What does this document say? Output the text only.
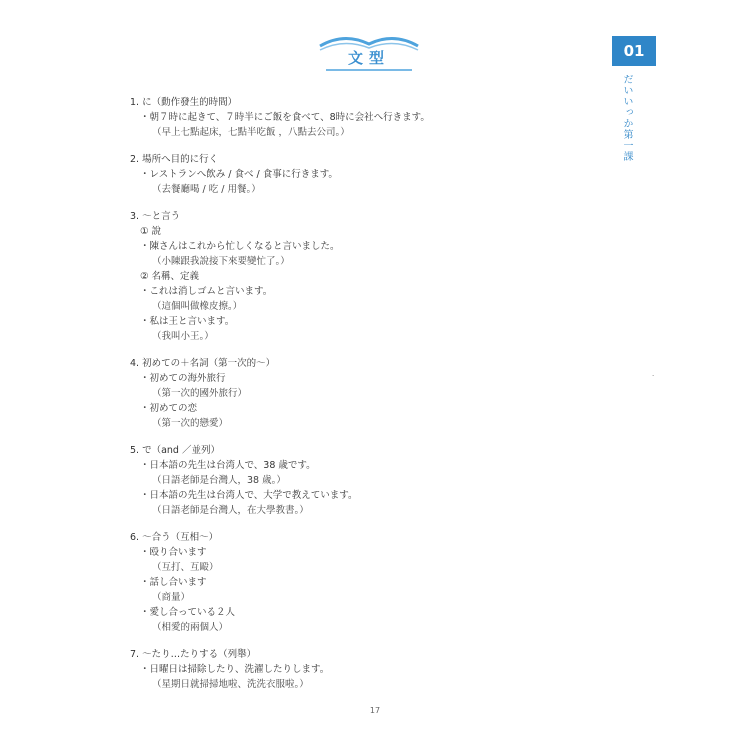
文型	01
だいいっか第一課
·
1. に（動作發生的時間）
・朝７時に起きて、７時半にご飯を食べて、8時に会社へ行きます。
（早上七點起床，七點半吃飯 ，八點去公司。）
2. 場所へ目的に行く
・レストランへ飲み / 食べ / 食事に行きます。
（去餐廳喝 / 吃 / 用餐。）
3. ～と言う
① 說
・陳さんはこれから忙しくなると言いました。
（小陳跟我說接下來要變忙了。）
② 名稱、定義
・これは消しゴムと言います。
（這個叫做橡皮擦。）
・私は王と言います。
（我叫小王。）
4. 初めての＋名詞（第一次的～）
・初めての海外旅行
（第一次的國外旅行）
・初めての恋
（第一次的戀愛）
5. で（and ／並列）
・日本語の先生は台湾人で、38 歳です。
（日語老師是台灣人，38 歲。）
・日本語の先生は台湾人で、大学で教えています。
（日語老師是台灣人，在大學教書。）
6. ～合う（互相～）
・殴り合います
（互打、互毆）
・話し合います
（商量）
・愛し合っている２人
（相愛的兩個人）
7. ～たり…たりする（列舉）
・日曜日は掃除したり、洗濯したりします。
（星期日就掃掃地啦、洗洗衣服啦。）
17
